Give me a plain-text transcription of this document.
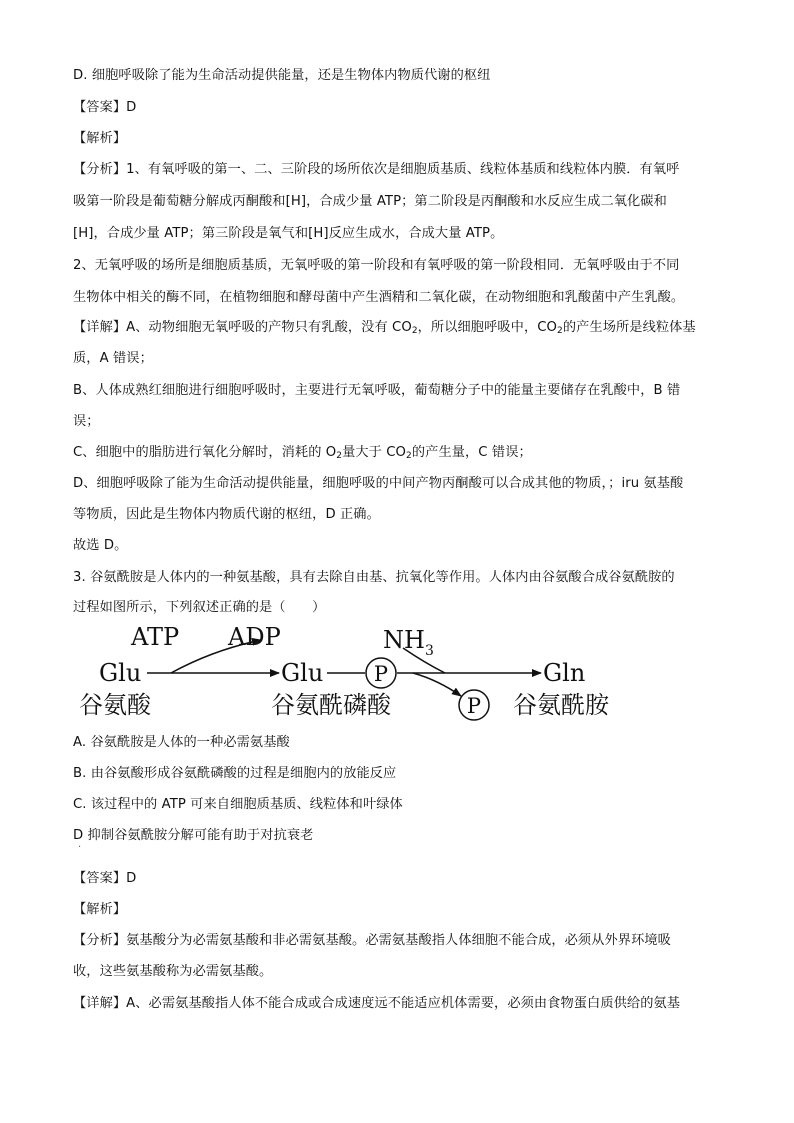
D. 细胞呼吸除了能为生命活动提供能量，还是生物体内物质代谢的枢纽
【答案】D
【解析】
【分析】1、有氧呼吸的第一、二、三阶段的场所依次是细胞质基质、线粒体基质和线粒体内膜．有氧呼
吸第一阶段是葡萄糖分解成丙酮酸和[H]，合成少量 ATP；第二阶段是丙酮酸和水反应生成二氧化碳和
[H]，合成少量 ATP；第三阶段是氧气和[H]反应生成水，合成大量 ATP。
2、无氧呼吸的场所是细胞质基质，无氧呼吸的第一阶段和有氧呼吸的第一阶段相同．无氧呼吸由于不同
生物体中相关的酶不同，在植物细胞和酵母菌中产生酒精和二氧化碳，在动物细胞和乳酸菌中产生乳酸。
【详解】A、动物细胞无氧呼吸的产物只有乳酸，没有 $CO_2$，所以细胞呼吸中，$CO_2$的产生场所是线粒体基
质，A 错误；
B、人体成熟红细胞进行细胞呼吸时，主要进行无氧呼吸，葡萄糖分子中的能量主要储存在乳酸中，B 错
误；
C、细胞中的脂肪进行氧化分解时，消耗的 $O_2$量大于 $CO_2$的产生量，C 错误；
D、细胞呼吸除了能为生命活动提供能量，细胞呼吸的中间产物丙酮酸可以合成其他的物质，；iru 氨基酸
等物质，因此是生物体内物质代谢的枢纽，D 正确。
故选 D。
3. 谷氨酰胺是人体内的一种氨基酸，具有去除自由基、抗氧化等作用。人体内由谷氨酸合成谷氨酰胺的
过程如图所示，下列叙述正确的是（　　）
ATP ADP	$NH_3$
Glu	Glu P	Gln
P
谷氨酸	谷氨酰磷酸	谷氨酰胺
A. 谷氨酰胺是人体的一种必需氨基酸
B. 由谷氨酸形成谷氨酰磷酸的过程是细胞内的放能反应
C. 该过程中的 ATP 可来自细胞质基质、线粒体和叶绿体
D 抑制谷氨酰胺分解可能有助于对抗衰老
·
【答案】D
【解析】
【分析】氨基酸分为必需氨基酸和非必需氨基酸。必需氨基酸指人体细胞不能合成，必须从外界环境吸
收，这些氨基酸称为必需氨基酸。
【详解】A、必需氨基酸指人体不能合成或合成速度远不能适应机体需要，必须由食物蛋白质供给的氨基
